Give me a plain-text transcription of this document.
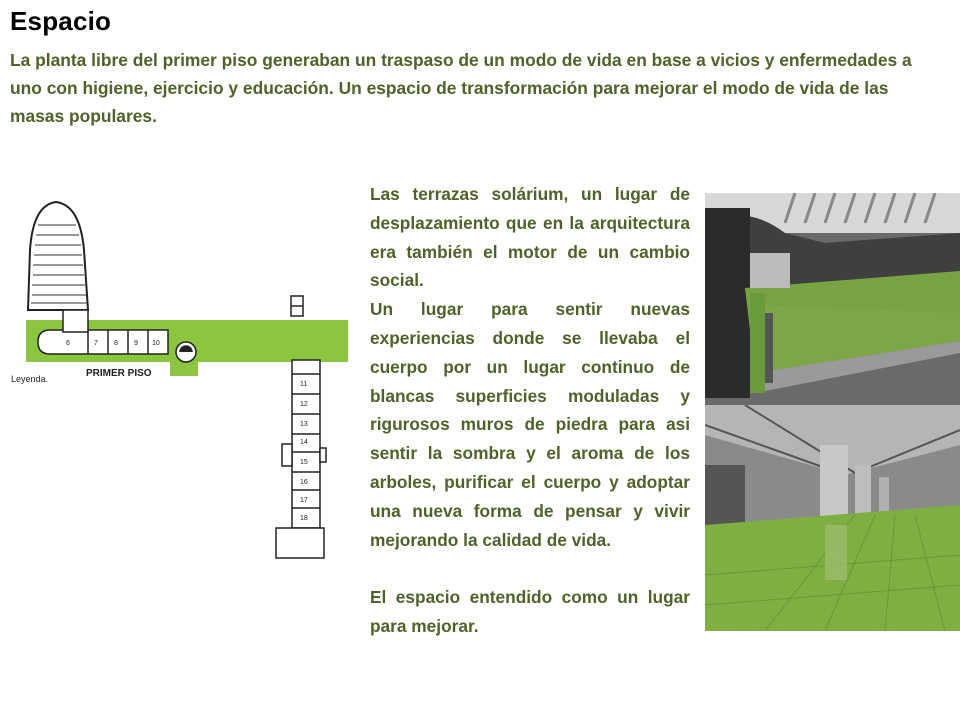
Espacio
La planta libre del primer piso generaban un traspaso de un modo de vida en base a vicios y enfermedades a uno con higiene, ejercicio y educación. Un espacio de transformación para mejorar el modo de vida de las masas populares.
6	7 8 9 10
Leyenda.	PRIMER PISO
11
12
13
14
15
16
17
18

Las terrazas solárium, un lugar de desplazamiento que en la arquitectura era también el motor de un cambio social.

Un lugar para sentir nuevas experiencias donde se llevaba el cuerpo por un lugar continuo de blancas superficies moduladas y rigurosos muros de piedra para asi sentir la sombra y el aroma de los arboles, purificar el cuerpo y adoptar una nueva forma de pensar y vivir mejorando la calidad de vida.

El espacio entendido como un lugar para mejorar.
